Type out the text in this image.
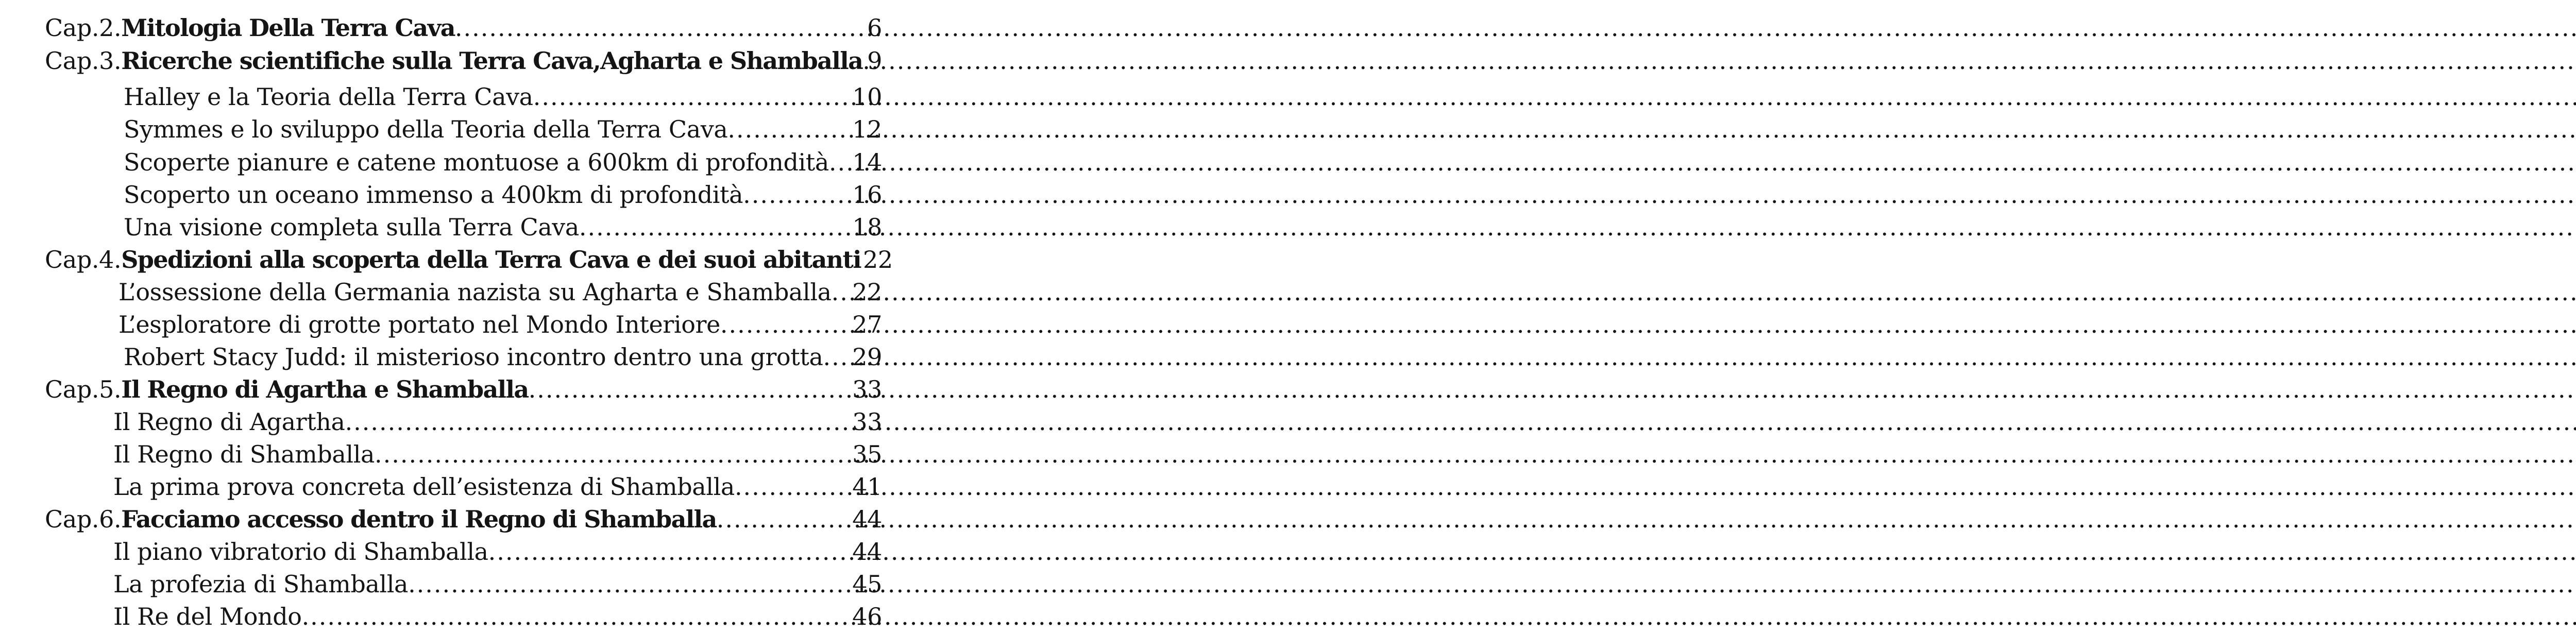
Cap.2. Mitologia Della Terra Cava .....	6
Cap.3. Ricerche scientifiche sulla Terra Cava,Agharta e Shamballa ..... 9
Halley e la Teoria della Terra Cava .....	10
Symmes e lo sviluppo della Teoria della Terra Cava .....	12
Scoperte pianure e catene montuose a 600km di profondità ..... 14
Scoperto un oceano immenso a 400km di profondità .....	16
Una visione completa sulla Terra Cava .....	18
Cap.4. Spedizioni alla scoperta della Terra Cava e dei suoi abitanti 22
L’ossessione della Germania nazista su Agharta e Shamballa ..... 22
L’esploratore di grotte portato nel Mondo Interiore .....	27
Robert Stacy Judd: il misterioso incontro dentro una grotta ..... 29
Cap.5. Il Regno di Agartha e Shamballa .....	33
Il Regno di Agartha .....	33
Il Regno di Shamballa .....	35
La prima prova concreta dell’esistenza di Shamballa .....	41
Cap.6. Facciamo accesso dentro il Regno di Shamballa .....	44
Il piano vibratorio di Shamballa .....	44
La profezia di Shamballa .....	45
Il Re del Mondo .....	46
